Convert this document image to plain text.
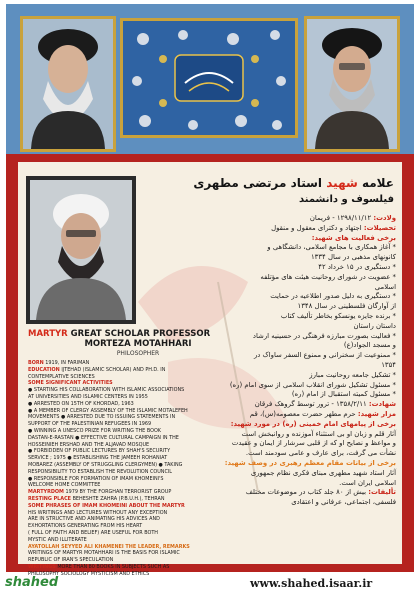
علامه شهید استاد مرتضی مطهری
فیلسوف و دانشمند
ولادت: ۱۲۹۸/۱۱/۱۲ - فریمان
تحصیلات: اجتهاد و دکترای معقول و منقول
برخی فعالیت های شهید:
* آغاز همکاری با مجامع اسلامی، دانشگاهی و
کانونهای مذهبی در سال ۱۳۳۴
* دستگیری در ۱۵ خرداد ۴۲
* عضویت در شورای روحانیت هیئت های مؤتلفه
اسلامی
* دستگیری به دلیل صدور اطلاعیه در حمایت
از آوارگان فلسطینی در سال ۱۳۴۸
* برنده جایزه یونسکو بخاطر تألیف کتاب
داستان راستان
* فعالیت بصورت مبارزه فرهنگی در حسینیه ارشاد
و مسجد الجواد(ع)
* ممنوعیت از سخنرانی و ممنوع السفر ساواک در
۱۳۵۴
* تشکیل جامعه روحانیت مبارز
* مسئول تشکیل شورای انقلاب اسلامی از سوی امام (ره)
* مسئول کمیته استقبال از امام (ره)
شهادت: ۱۳۵۸/۲/۱۱ - ترور توسط گروهک فرقان
مزار شهید: حرم مطهر حضرت معصومه(س)، قم
برخی از پیامهای امام خمینی (ره) در مورد شهید:
آثار قلم و زبان او بی استثناء آموزنده و روانبخش است
و مواعظ و نصایح او که از قلبی سرشار از ایمان و عقیدت
نشأت می گرفت، برای عارف و عامی سودمند است.
برخی از بیانات مقام معظم رهبری در وصف شهید:
آثار استاد شهید مطهری مبنای فکری نظام جمهوری
اسلامی ایران است.
تألیفات: بیش از ۸۰ جلد کتاب در موضوعات مختلف
فلسفی، اجتماعی، عرفانی و اعتقادی
MARTYR GREAT SCHOLAR PROFESSOR
MORTEZA MOTAHHARI
PHILOSOPHER
BORN 1919, IN FARIMAN
EDUCATION IJTEHAD (ISLAMIC SCHOLAR) AND PH.D. IN
CONTEMPLATIVE SCIENCES
SOME SIGNIFICANT ACTIVITIES
● STARTING HIS COLLABORATION WITH ISLAMIC ASSOCIATIONS
AT UNIVERSITIES AND ISLAMIC CENTERS IN 1955
● ARRESTED ON 15TH OF KHORDAD, 1963
● A MEMBER OF CLERGY ASSEMBLY OF THE ISLAMIC MOTALEFEH
MOVEMENTS ● ARRESTED DUE TO ISSUING STATEMENTS IN
SUPPORT OF THE PALESTINIAN REFUGEES IN 1969
● WINNING A UNESCO PRIZE FOR WRITING THE BOOK
DASTAN-E-RASTAN ● EFFECTIVE CULTURAL CAMPAIGN IN THE
HOSSEINIEH ERSHAD AND THE ALJAVAD MOSQUE
● FORBIDDEN OF PUBLIC LECTURES BY SHAH'S SECURITY
SERVICE ; 1975 ● ESTABLISHING THE JAMEEH ROHANIAT
MOBAREZ (ASSEMBLY OF STRUGGLING CLERGYMEN) ● TAKING
RESPONSIBILITY TO ESTABLISH THE REVOLUTION COUNCIL
● RESPONSIBLE FOR FORMATION OF IMAM KHOMEINI'S
WELCOME HOME COMMITTEE
MARTYRDOM 1979 BY THE FORGHAN TERRORIST GROUP
RESTING PLACE BEHESHTE ZAHRA (P.B.U.H.), TEHRAN
SOME PHRASES OF IMAM KHOMEINI ABOUT THE MARTYR
HIS WRITINGS AND LECTURES WITHOUT ANY EXCEPTION
ARE IN STRUCTIVE AND ANIMATING HIS ADVICES AND
EXHORTATIONS GENERATING FROM HIS HEART
( FULL OF FAITH AND BELIEF) ARE USEFUL FOR BOTH
MYSTIC AND ILLITERATE
AYATOLLAH SEYYED ALI KHAMENEI THE LEADER, REMARKS
WRITINGS OF MARTYR MOTAHHARI IS THE BASIS FOR ISLAMIC
REPUBLIC OF IRAN'S SPECULATION
WRITINGS MORE THAN 80 BOOKS IN SUBJECTS SUCH AS
PHILOSOPHY SOCIOLOGY MYSTICISM AND ETHICS
shahed	www.shahed.isaar.ir
